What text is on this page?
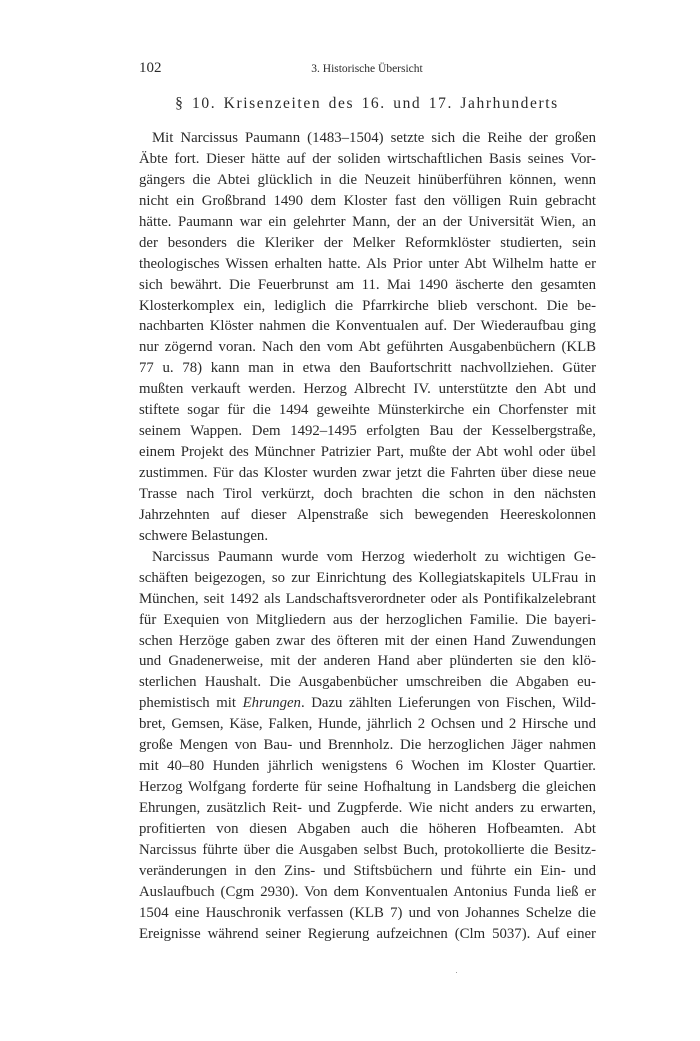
102	3. Historische Übersicht
§ 10. Krisenzeiten des 16. und 17. Jahrhunderts
Mit Narcissus Paumann (1483–1504) setzte sich die Reihe der großen
Äbte fort. Dieser hätte auf der soliden wirtschaftlichen Basis seines Vor-
gängers die Abtei glücklich in die Neuzeit hinüberführen können, wenn
nicht ein Großbrand 1490 dem Kloster fast den völligen Ruin gebracht
hätte. Paumann war ein gelehrter Mann, der an der Universität Wien, an
der besonders die Kleriker der Melker Reformklöster studierten, sein
theologisches Wissen erhalten hatte. Als Prior unter Abt Wilhelm hatte er
sich bewährt. Die Feuerbrunst am 11. Mai 1490 äscherte den gesamten
Klosterkomplex ein, lediglich die Pfarrkirche blieb verschont. Die be-
nachbarten Klöster nahmen die Konventualen auf. Der Wiederaufbau ging
nur zögernd voran. Nach den vom Abt geführten Ausgabenbüchern (KLB
77 u. 78) kann man in etwa den Baufortschritt nachvollziehen. Güter
mußten verkauft werden. Herzog Albrecht IV. unterstützte den Abt und
stiftete sogar für die 1494 geweihte Münsterkirche ein Chorfenster mit
seinem Wappen. Dem 1492–1495 erfolgten Bau der Kesselbergstraße,
einem Projekt des Münchner Patrizier Part, mußte der Abt wohl oder übel
zustimmen. Für das Kloster wurden zwar jetzt die Fahrten über diese neue
Trasse nach Tirol verkürzt, doch brachten die schon in den nächsten
Jahrzehnten auf dieser Alpenstraße sich bewegenden Heereskolonnen
schwere Belastungen.
Narcissus Paumann wurde vom Herzog wiederholt zu wichtigen Ge-
schäften beigezogen, so zur Einrichtung des Kollegiatskapitels ULFrau in
München, seit 1492 als Landschaftsverordneter oder als Pontifikalzelebrant
für Exequien von Mitgliedern aus der herzoglichen Familie. Die bayeri-
schen Herzöge gaben zwar des öfteren mit der einen Hand Zuwendungen
und Gnadenerweise, mit der anderen Hand aber plünderten sie den klö-
sterlichen Haushalt. Die Ausgabenbücher umschreiben die Abgaben eu-
phemistisch mit Ehrungen. Dazu zählten Lieferungen von Fischen, Wild-
bret, Gemsen, Käse, Falken, Hunde, jährlich 2 Ochsen und 2 Hirsche und
große Mengen von Bau- und Brennholz. Die herzoglichen Jäger nahmen
mit 40–80 Hunden jährlich wenigstens 6 Wochen im Kloster Quartier.
Herzog Wolfgang forderte für seine Hofhaltung in Landsberg die gleichen
Ehrungen, zusätzlich Reit- und Zugpferde. Wie nicht anders zu erwarten,
profitierten von diesen Abgaben auch die höheren Hofbeamten. Abt
Narcissus führte über die Ausgaben selbst Buch, protokollierte die Besitz-
veränderungen in den Zins- und Stiftsbüchern und führte ein Ein- und
Auslaufbuch (Cgm 2930). Von dem Konventualen Antonius Funda ließ er
1504 eine Hauschronik verfassen (KLB 7) und von Johannes Schelze die
Ereignisse während seiner Regierung aufzeichnen (Clm 5037). Auf einer
